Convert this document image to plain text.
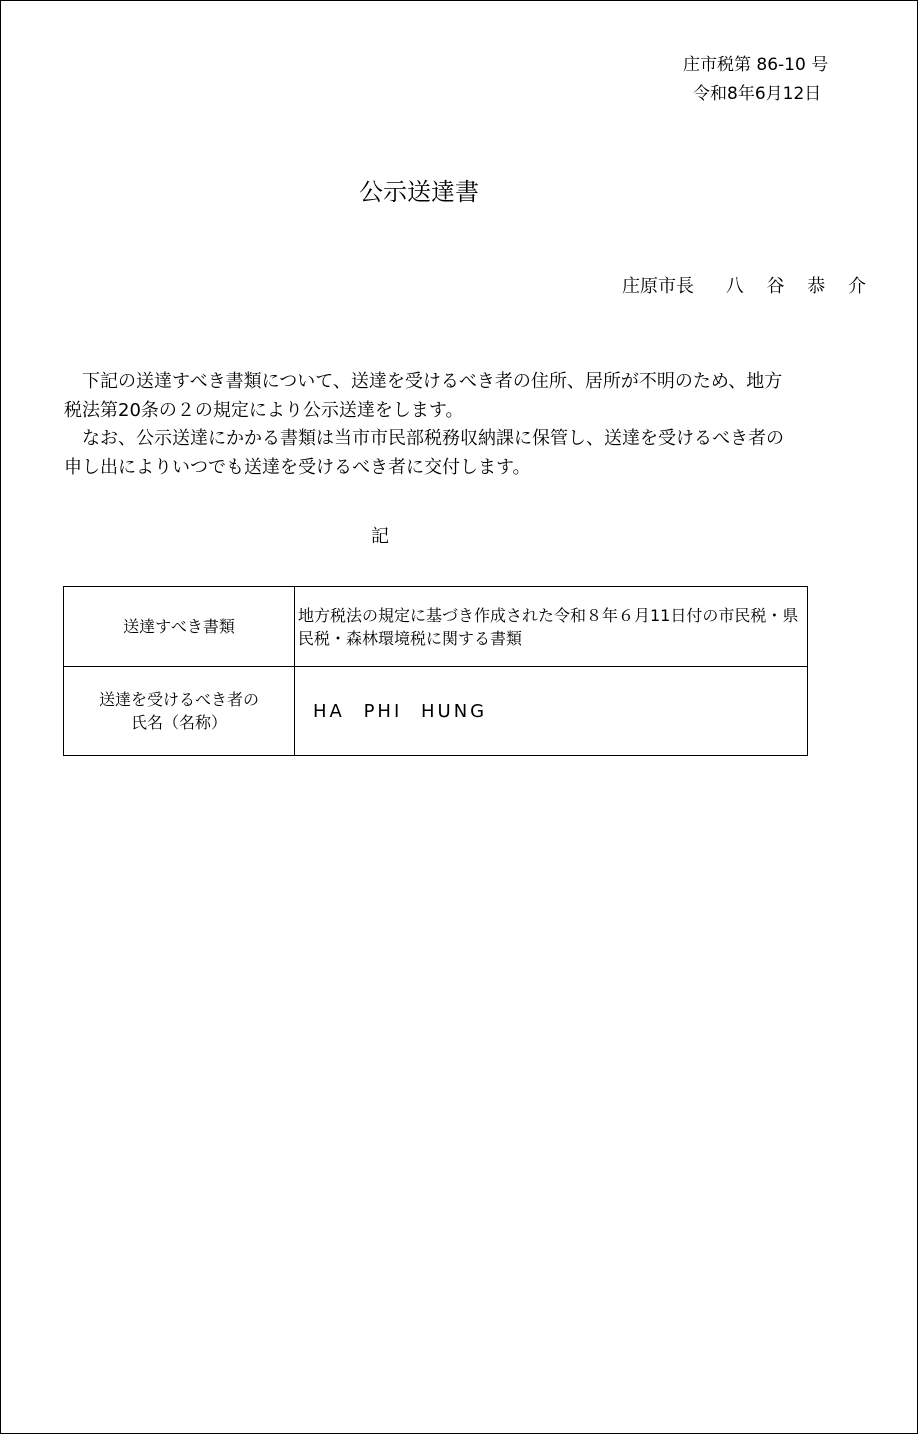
庄市税第 86-10 号
令和8年6月12日
公示送達書
庄原市長 八 谷 恭 介

下記の送達すべき書類について、送達を受けるべき者の住所、居所が不明のため、地方税法第20条の２の規定により公示送達をします。

なお、公示送達にかかる書類は当市市民部税務収納課に保管し、送達を受けるべき者の申し出によりいつでも送達を受けるべき者に交付します。

記
送達すべき書類	地方税法の規定に基づき作成された令和８年６月11日付の市民税・県民税・森林環境税に関する書類

送達を受けるべき者の
氏名（名称）	HA PHI HUNG
